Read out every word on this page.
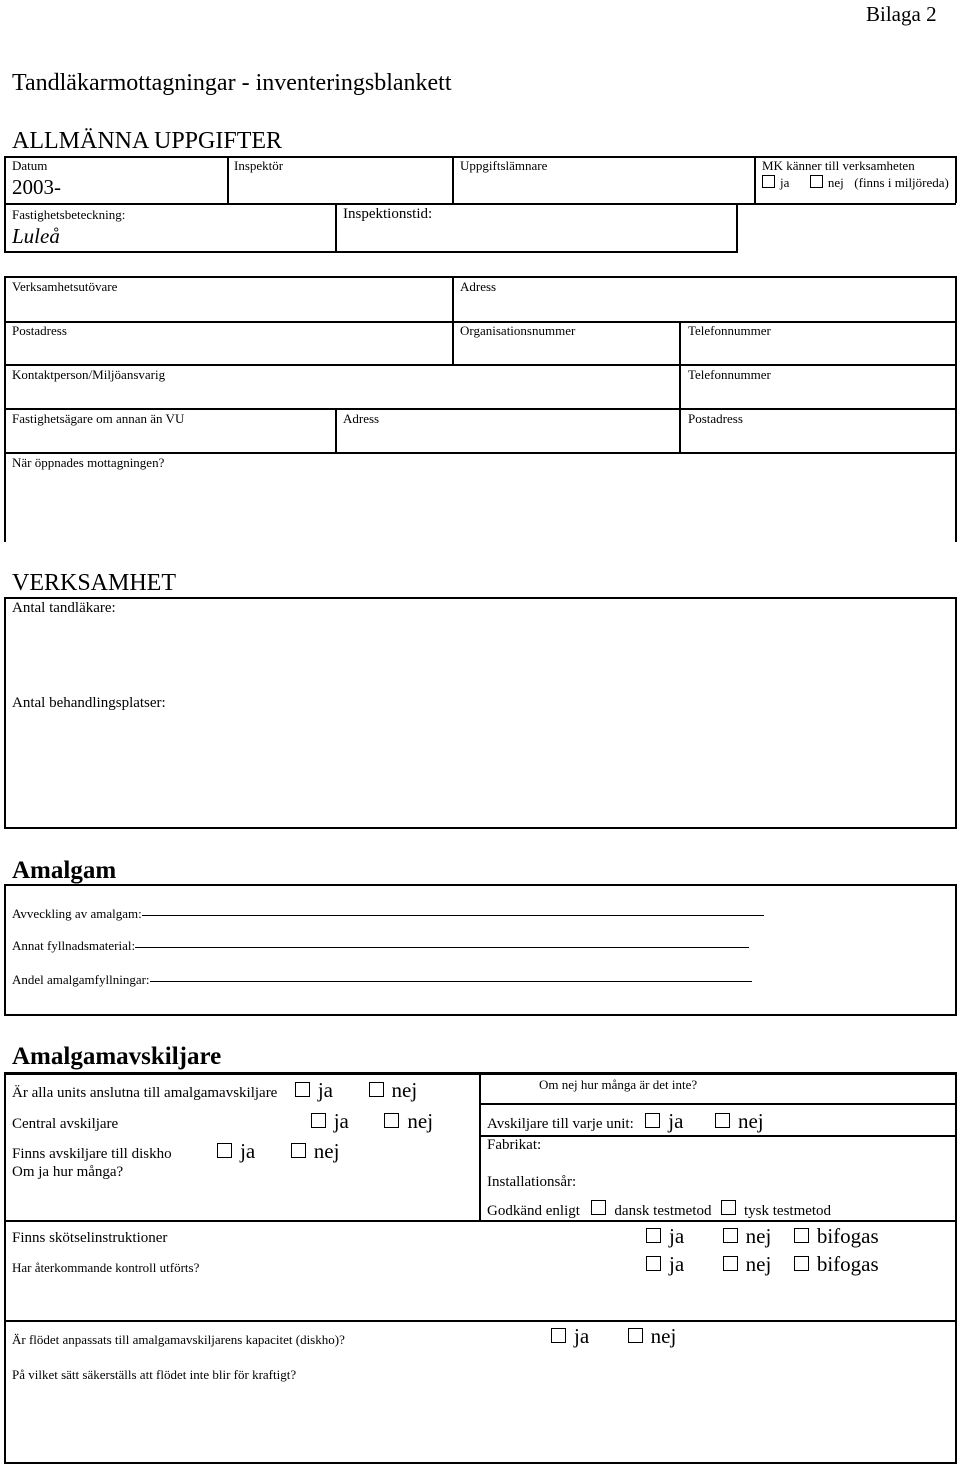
Bilaga 2
Tandläkarmottagningar - inventeringsblankett
ALLMÄNNA UPPGIFTER
Datum
2003-
Inspektör	Uppgiftslämnare	MK känner till verksamheten
ja	nej (finns i miljöreda)
Fastighetsbeteckning:
Luleå
Inspektionstid:
Verksamhetsutövare	Adress
Postadress	Organisationsnummer	Telefonnummer
Kontaktperson/Miljöansvarig	Telefonnummer
Fastighetsägare om annan än VU	Adress	Postadress
När öppnades mottagningen?
VERKSAMHET
Antal tandläkare:
Antal behandlingsplatser:
Amalgam
Avveckling av amalgam:
Annat fyllnadsmaterial:
Andel amalgamfyllningar:
Amalgamavskiljare
Är alla units anslutna till amalgamavskiljare ja	nej	Om nej hur många är det inte?
Central avskiljare	ja	nej	Avskiljare till varje unit: ja	nej
Finns avskiljare till diskho	ja	nej	Fabrikat:
Om ja hur många?
Installationsår:
Godkänd enligt dansk testmetod tysk testmetod
Finns skötselinstruktioner	ja	nej bifogas
Har återkommande kontroll utförts?	ja	nej bifogas
Är flödet anpassats till amalgamavskiljarens kapacitet (diskho)?	ja	nej
På vilket sätt säkerställs att flödet inte blir för kraftigt?
